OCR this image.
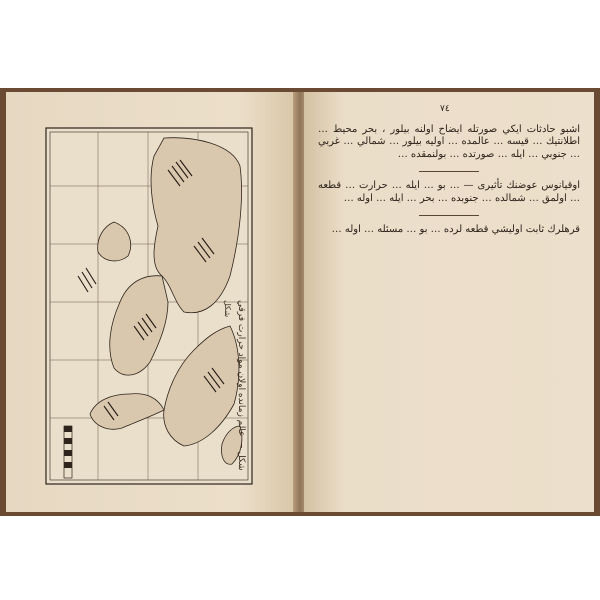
شكل شكل — عالم زمانده اولان مواد حرارت فرقي
٧٤

اشبو حادثات ايكي صورتله ايضاح اولنه بيلور ، بحر محيط … اطلانتيك … قيسه … عالمده … اوليه بيلور … شمالي … غربي … جنوبي … ايله … صورتده … بولنمقده …

اوقيانوس عوضنك تأثيرى — … بو … ايله … حرارت … قطعه … اولمق … شمالده … جنوبده … بحر … ايله … اوله …

قرهلرك ثابت اوليشي قطعه لرده … بو … مسئله … اوله …
